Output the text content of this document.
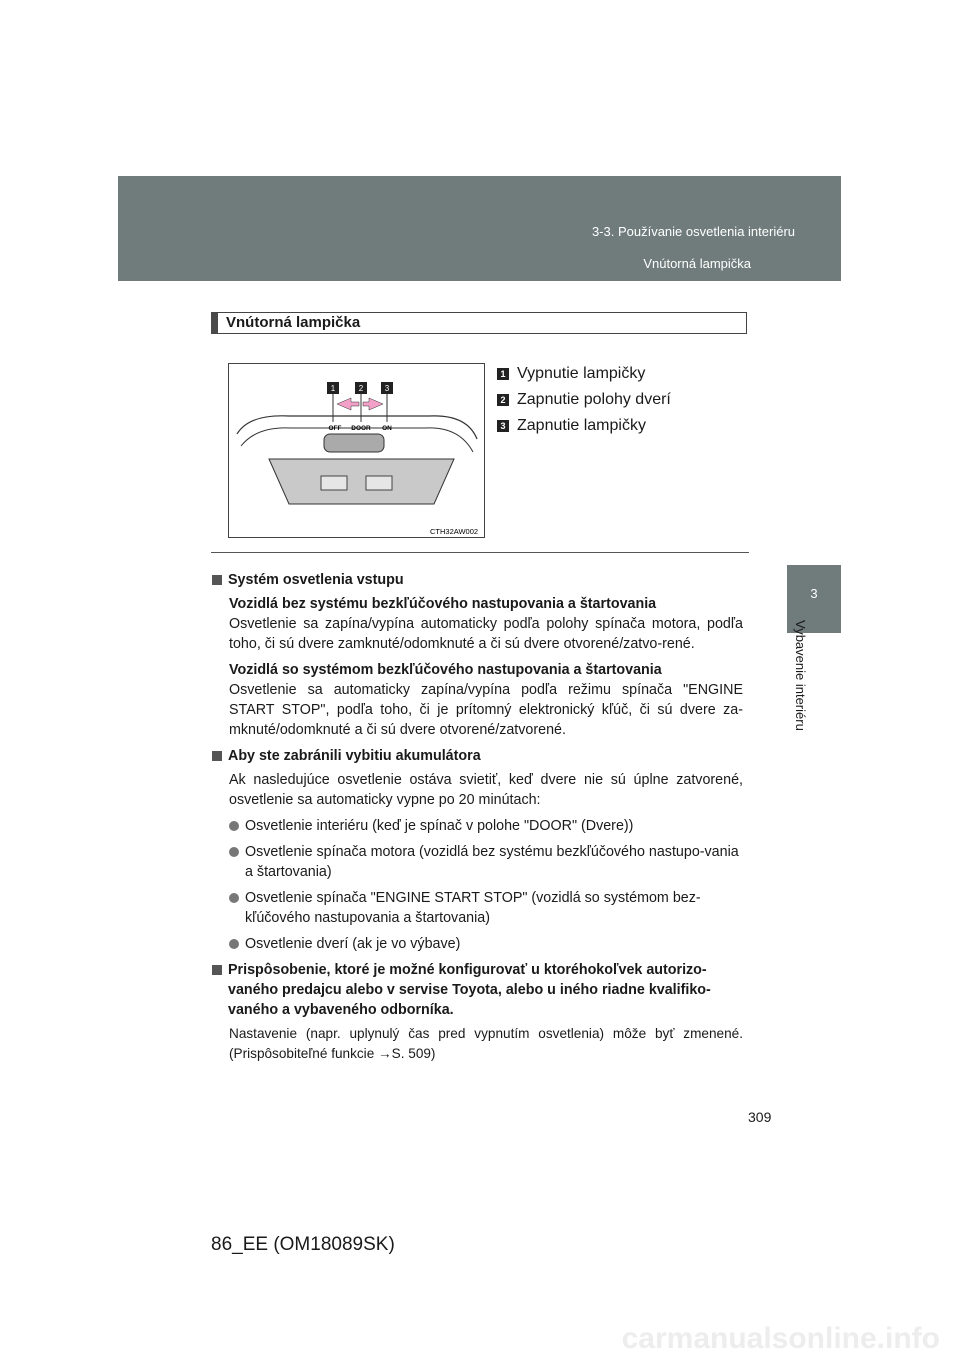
3-3. Používanie osvetlenia interiéru
Vnútorná lampička
3
Vybavenie interiéru
Vnútorná lampička
1	2	3
OFF DOOR ON
CTH32AW002
1 Vypnutie lampičky
2 Zapnutie polohy dverí
3 Zapnutie lampičky
Systém osvetlenia vstupu
Vozidlá bez systému bezkľúčového nastupovania a štartovania
Osvetlenie sa zapína/vypína automaticky podľa polohy spínača motora, podľa toho, či sú dvere zamknuté/odomknuté a či sú dvere otvorené/zatvo-rené.
Vozidlá so systémom bezkľúčového nastupovania a štartovania
Osvetlenie sa automaticky zapína/vypína podľa režimu spínača "ENGINE START STOP", podľa toho, či je prítomný elektronický kľúč, či sú dvere za-mknuté/odomknuté a či sú dvere otvorené/zatvorené.
Aby ste zabránili vybitiu akumulátora
Ak nasledujúce osvetlenie ostáva svietiť, keď dvere nie sú úplne zatvorené, osvetlenie sa automaticky vypne po 20 minútach:
Osvetlenie interiéru (keď je spínač v polohe "DOOR" (Dvere))
Osvetlenie spínača motora (vozidlá bez systému bezkľúčového nastupo-vania a štartovania)
Osvetlenie spínača "ENGINE START STOP" (vozidlá so systémom bez-kľúčového nastupovania a štartovania)
Osvetlenie dverí (ak je vo výbave)
Prispôsobenie, ktoré je možné konfigurovať u ktoréhokoľvek autorizo-vaného predajcu alebo v servise Toyota, alebo u iného riadne kvalifiko-vaného a vybaveného odborníka.
Nastavenie (napr. uplynulý čas pred vypnutím osvetlenia) môže byť zmenené. (Prispôsobiteľné funkcie →S. 509)
309
86_EE (OM18089SK)
carmanualsonline.info
